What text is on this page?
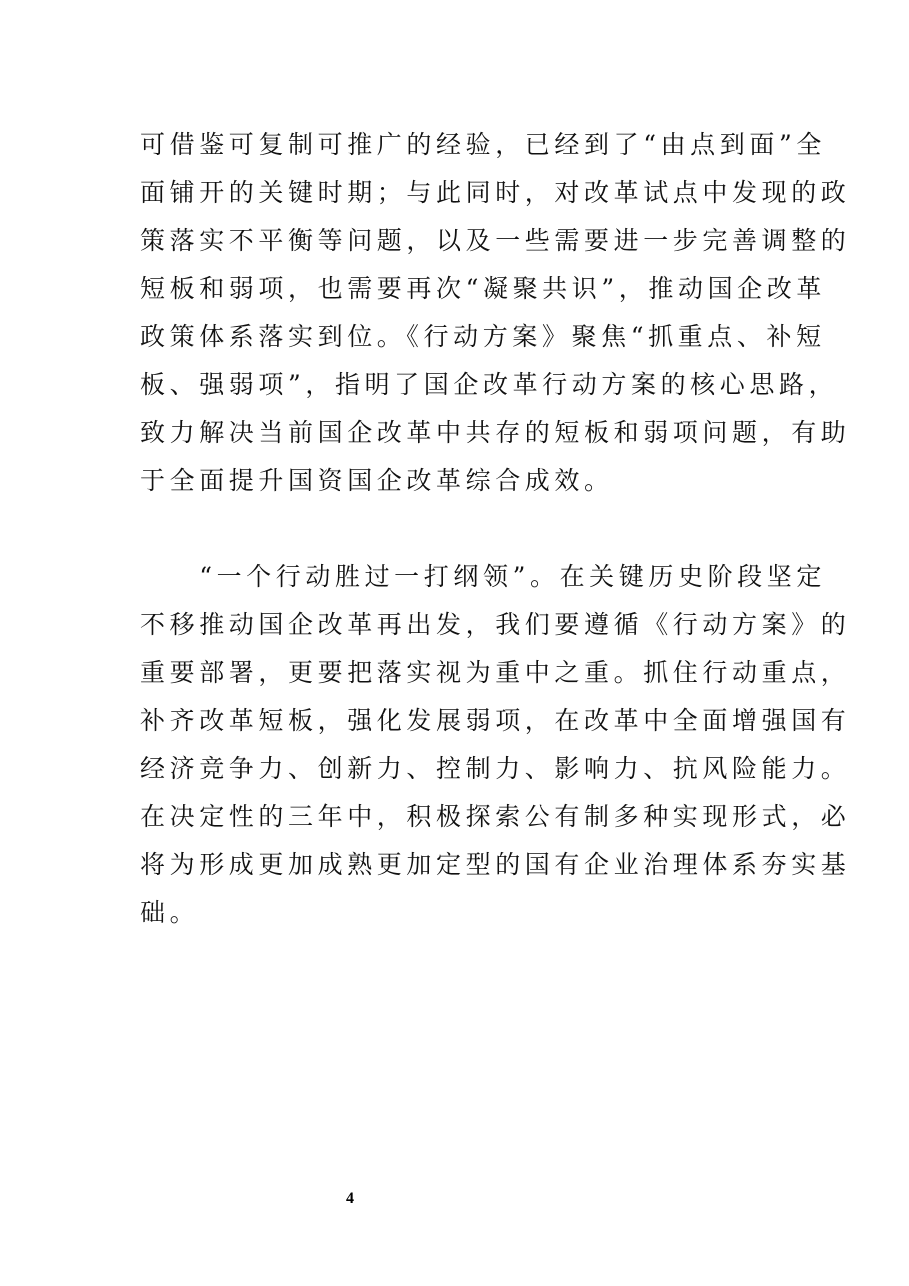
可借鉴可复制可推广的经验，已经到了“由点到面”全
面铺开的关键时期；与此同时，对改革试点中发现的政
策落实不平衡等问题，以及一些需要进一步完善调整的
短板和弱项，也需要再次“凝聚共识”，推动国企改革
政策体系落实到位。《行动方案》聚焦“抓重点、补短
板、强弱项”，指明了国企改革行动方案的核心思路，
致力解决当前国企改革中共存的短板和弱项问题，有助
于全面提升国资国企改革综合成效。
　　“一个行动胜过一打纲领”。在关键历史阶段坚定
不移推动国企改革再出发，我们要遵循《行动方案》的
重要部署，更要把落实视为重中之重。抓住行动重点，
补齐改革短板，强化发展弱项，在改革中全面增强国有
经济竞争力、创新力、控制力、影响力、抗风险能力。
在决定性的三年中，积极探索公有制多种实现形式，必
将为形成更加成熟更加定型的国有企业治理体系夯实基
础。
4
